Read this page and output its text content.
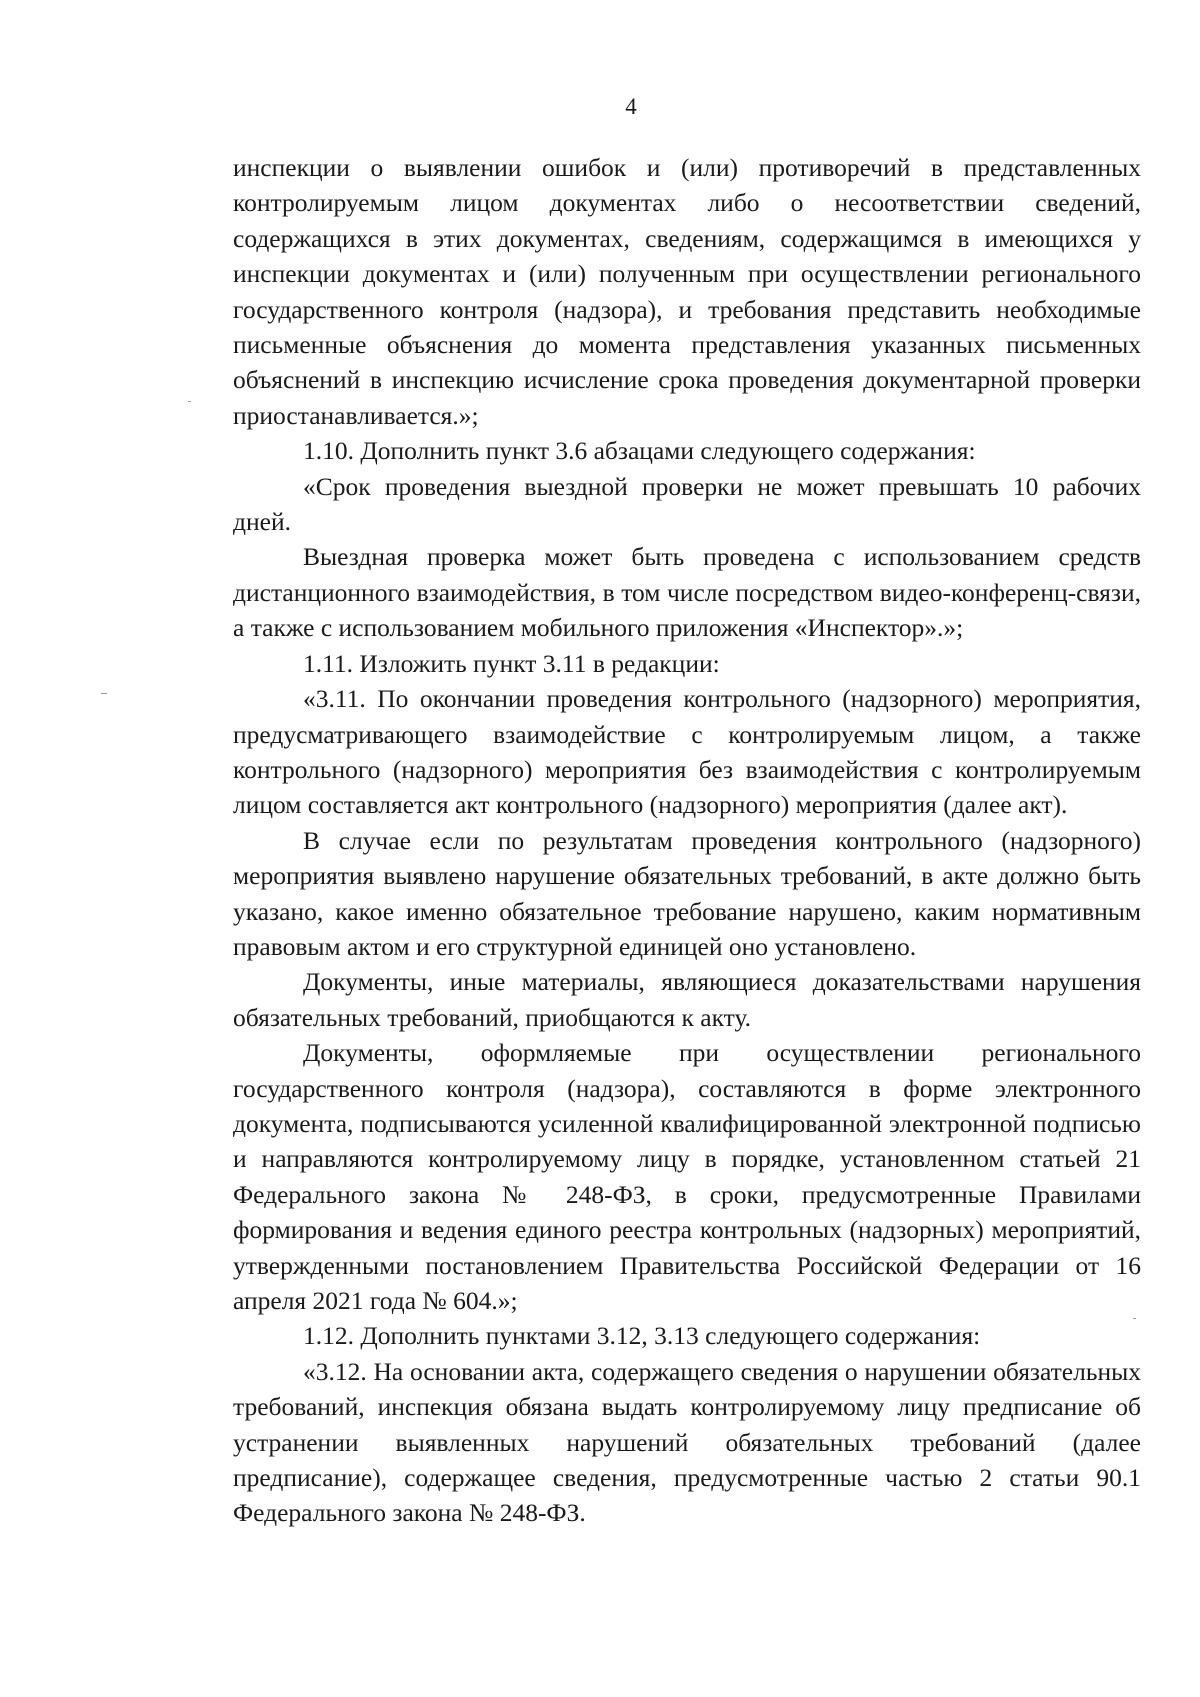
4

инспекции о выявлении ошибок и (или) противоречий в представленных контролируемым лицом документах либо о несоответствии сведений, содержащихся в этих документах, сведениям, содержащимся в имеющихся у инспекции документах и (или) полученным при осуществлении регионального государственного контроля (надзора), и требования представить необходимые письменные объяснения до момента представления указанных письменных объяснений в инспекцию исчисление срока проведения документарной проверки приостанавливается.»;

1.10. Дополнить пункт 3.6 абзацами следующего содержания:

«Срок проведения выездной проверки не может превышать 10 рабочих дней.

Выездная проверка может быть проведена с использованием средств дистанционного взаимодействия, в том числе посредством видео-конференц-связи, а также с использованием мобильного приложения «Инспектор».»;

1.11. Изложить пункт 3.11 в редакции:

«3.11. По окончании проведения контрольного (надзорного) мероприятия, предусматривающего взаимодействие с контролируемым лицом, а также контрольного (надзорного) мероприятия без взаимодействия с контролируемым лицом составляется акт контрольного (надзорного) мероприятия (далее акт).

В случае если по результатам проведения контрольного (надзорного) мероприятия выявлено нарушение обязательных требований, в акте должно быть указано, какое именно обязательное требование нарушено, каким нормативным правовым актом и его структурной единицей оно установлено.

Документы, иные материалы, являющиеся доказательствами нарушения обязательных требований, приобщаются к акту.

Документы, оформляемые при осуществлении регионального государственного контроля (надзора), составляются в форме электронного документа, подписываются усиленной квалифицированной электронной подписью и направляются контролируемому лицу в порядке, установленном статьей 21 Федерального закона № 248-ФЗ, в сроки, предусмотренные Правилами формирования и ведения единого реестра контрольных (надзорных) мероприятий, утвержденными постановлением Правительства Российской Федерации от 16 апреля 2021 года № 604.»;

1.12. Дополнить пунктами 3.12, 3.13 следующего содержания:

«3.12. На основании акта, содержащего сведения о нарушении обязательных требований, инспекция обязана выдать контролируемому лицу предписание об устранении выявленных нарушений обязательных требований (далее предписание), содержащее сведения, предусмотренные частью 2 статьи 90.1 Федерального закона № 248-ФЗ.
